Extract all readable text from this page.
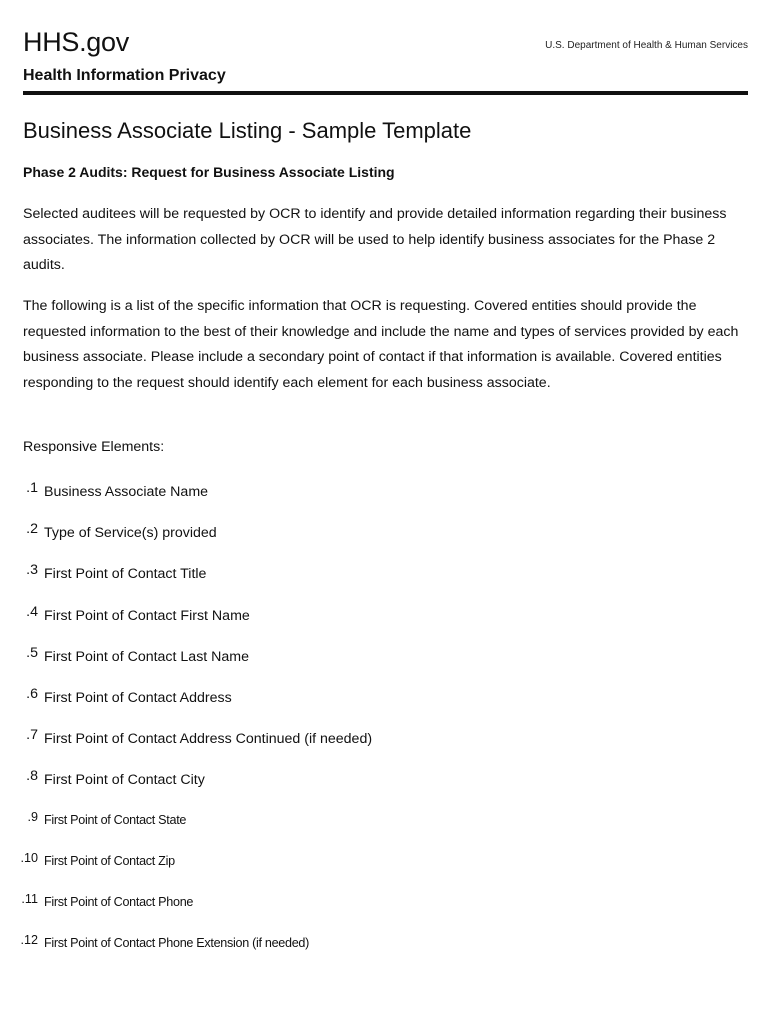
HHS.gov	U.S. Department of Health & Human Services
Health Information Privacy
Business Associate Listing - Sample Template
Phase 2 Audits: Request for Business Associate Listing

Selected auditees will be requested by OCR to identify and provide detailed information regarding their business associates. The information collected by OCR will be used to help identify business associates for the Phase 2 audits.

The following is a list of the specific information that OCR is requesting. Covered entities should provide the requested information to the best of their knowledge and include the name and types of services provided by each business associate. Please include a secondary point of contact if that information is available. Covered entities responding to the request should identify each element for each business associate.

Responsive Elements:
1. Business Associate Name
2. Type of Service(s) provided
3. First Point of Contact Title
4. First Point of Contact First Name
5. First Point of Contact Last Name
6. First Point of Contact Address
7. First Point of Contact Address Continued (if needed)
8. First Point of Contact City
9. First Point of Contact State
10. First Point of Contact Zip
11. First Point of Contact Phone
12. First Point of Contact Phone Extension (if needed)
